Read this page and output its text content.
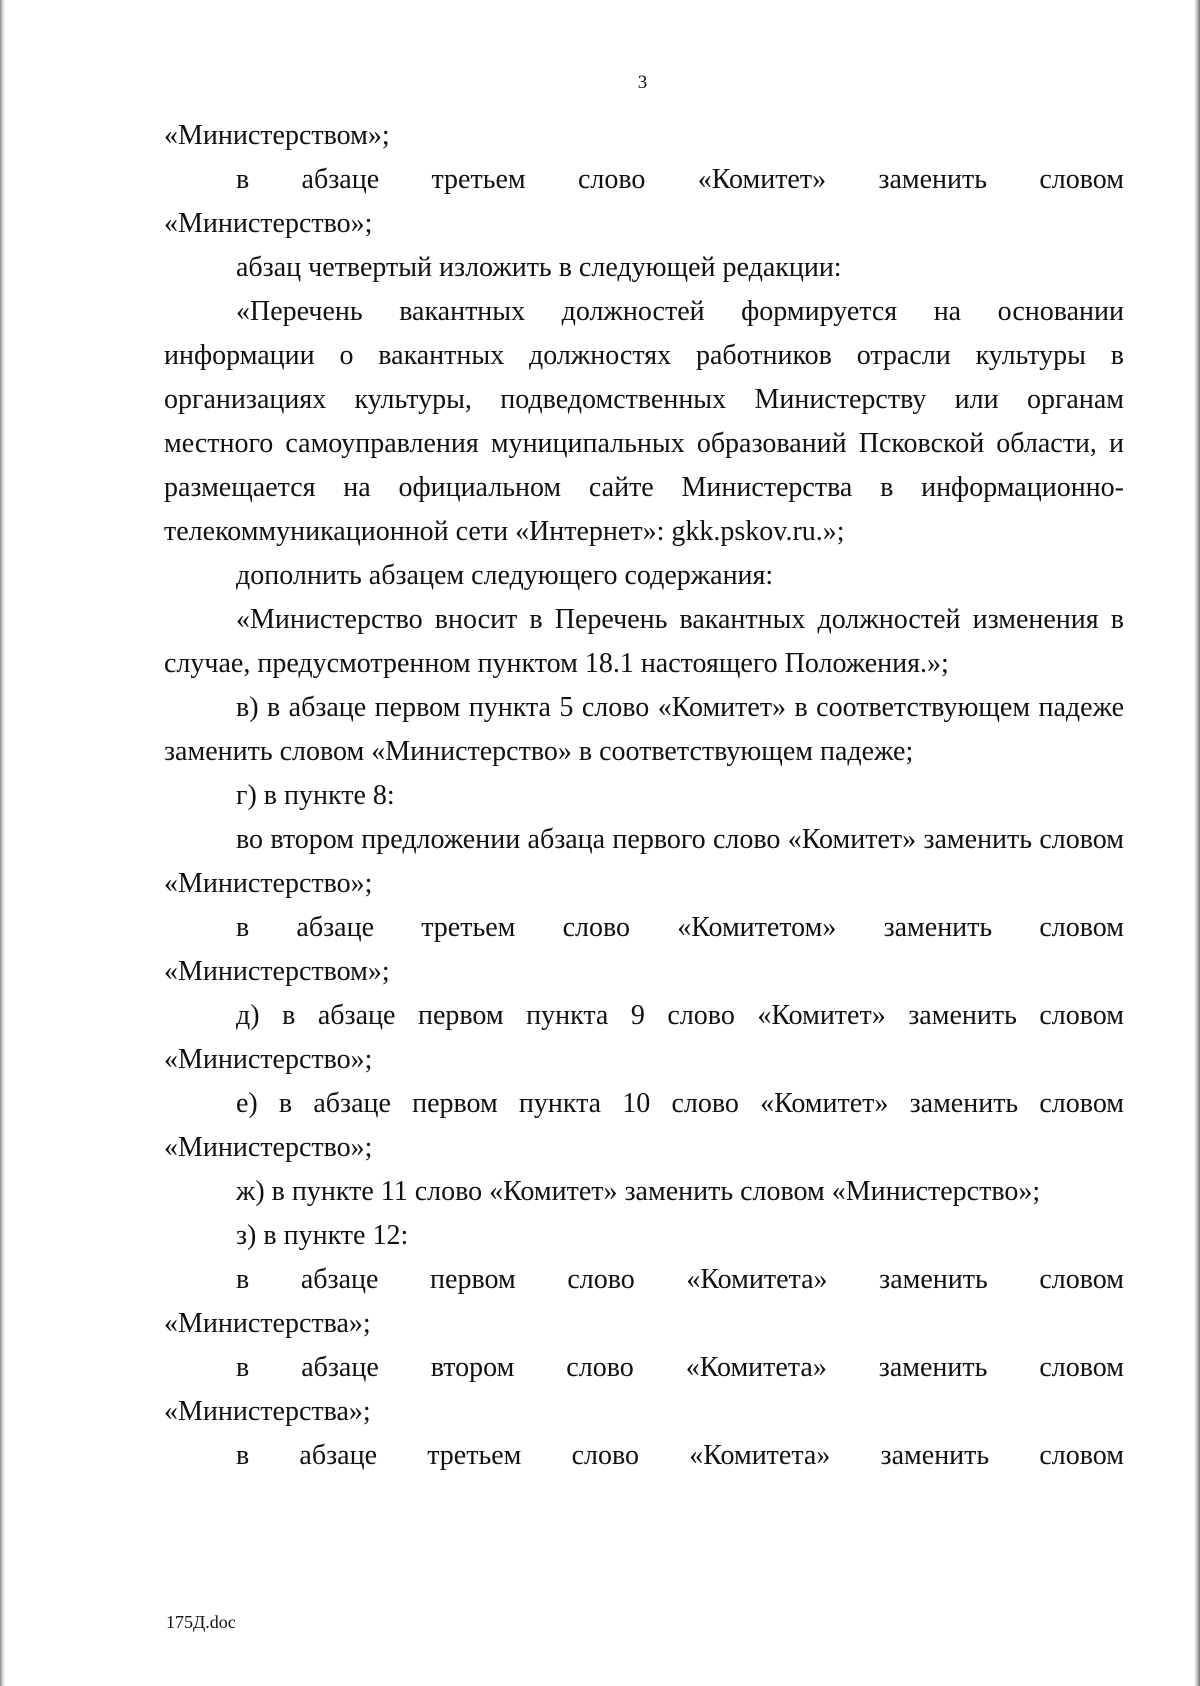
3

«Министерством»;

в абзаце третьем слово «Комитет» заменить словом

«Министерство»;

абзац четвертый изложить в следующей редакции:

«Перечень вакантных должностей формируется на основании информации о вакантных должностях работников отрасли культуры в организациях культуры, подведомственных Министерству или органам местного самоуправления муниципальных образований Псковской области, и размещается на официальном сайте Министерства в информационно-телекоммуникационной сети «Интернет»: gkk.pskov.ru.»;

дополнить абзацем следующего содержания:

«Министерство вносит в Перечень вакантных должностей изменения в случае, предусмотренном пунктом 18.1 настоящего Положения.»;

в) в абзаце первом пункта 5 слово «Комитет» в соответствующем падеже заменить словом «Министерство» в соответствующем падеже;

г) в пункте 8:

во втором предложении абзаца первого слово «Комитет» заменить словом «Министерство»;

в абзаце третьем слово «Комитетом» заменить словом

«Министерством»;

д) в абзаце первом пункта 9 слово «Комитет» заменить словом

«Министерство»;

е) в абзаце первом пункта 10 слово «Комитет» заменить словом

«Министерство»;

ж) в пункте 11 слово «Комитет» заменить словом «Министерство»;

з) в пункте 12:

в абзаце первом слово «Комитета» заменить словом

«Министерства»;

в абзаце втором слово «Комитета» заменить словом

«Министерства»;

в абзаце третьем слово «Комитета» заменить словом

175Д.doc
